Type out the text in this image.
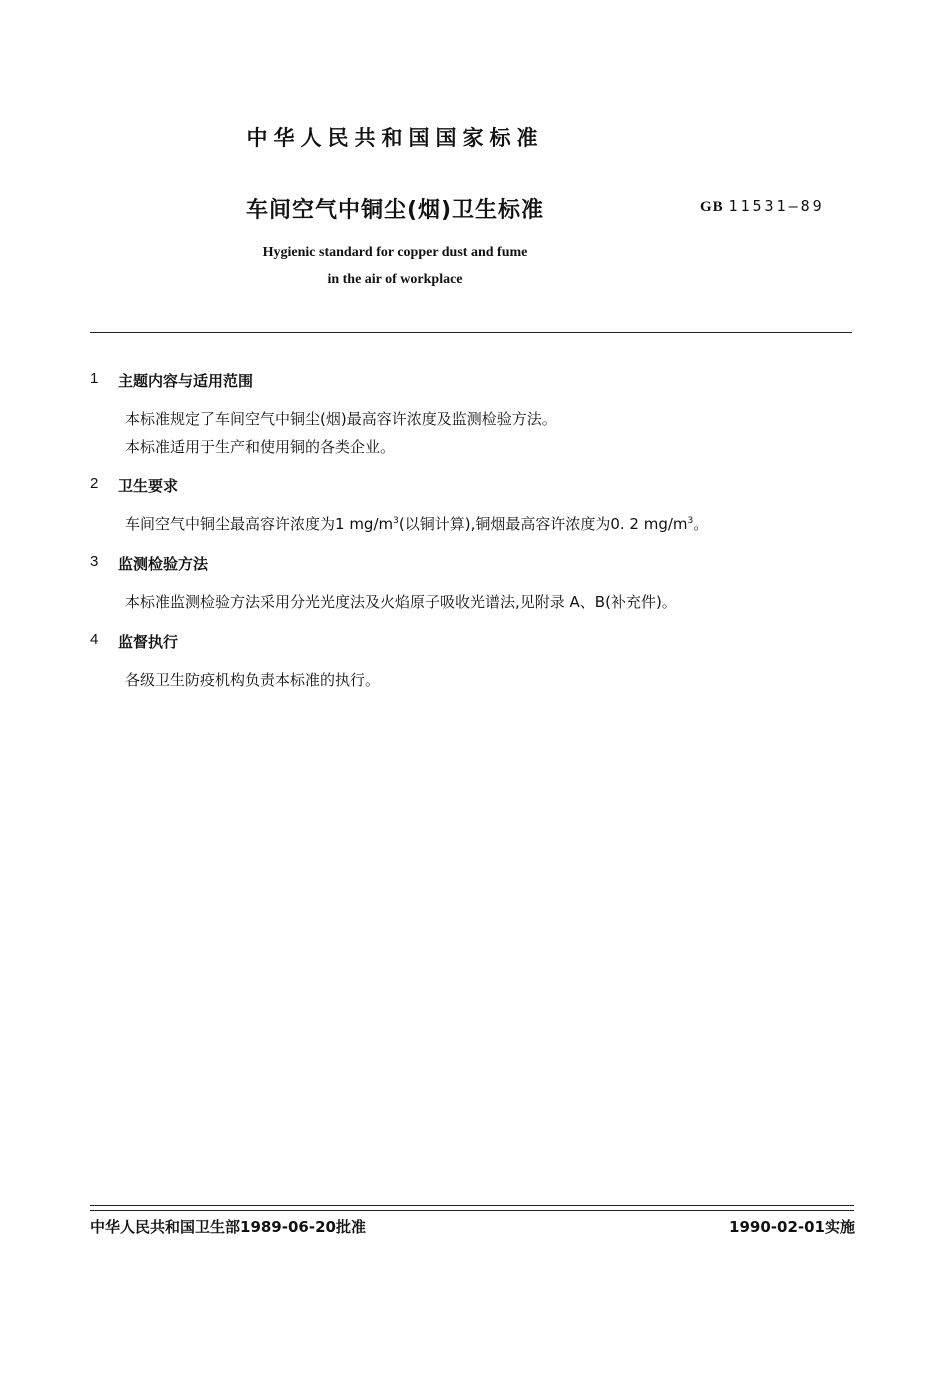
中华人民共和国国家标准
车间空气中铜尘(烟)卫生标准	GB 11531—89
Hygienic standard for copper dust and fume
in the air of workplace
1 主题内容与适用范围
本标准规定了车间空气中铜尘(烟)最高容许浓度及监测检验方法。
本标准适用于生产和使用铜的各类企业。
2 卫生要求
车间空气中铜尘最高容许浓度为1 $mg/m^3$(以铜计算),铜烟最高容许浓度为0. 2 $mg/m^3$。
3 监测检验方法
本标准监测检验方法采用分光光度法及火焰原子吸收光谱法,见附录 A、B(补充件)。
4 监督执行
各级卫生防疫机构负责本标准的执行。
中华人民共和国卫生部1989-06-20批准	1990-02-01实施
